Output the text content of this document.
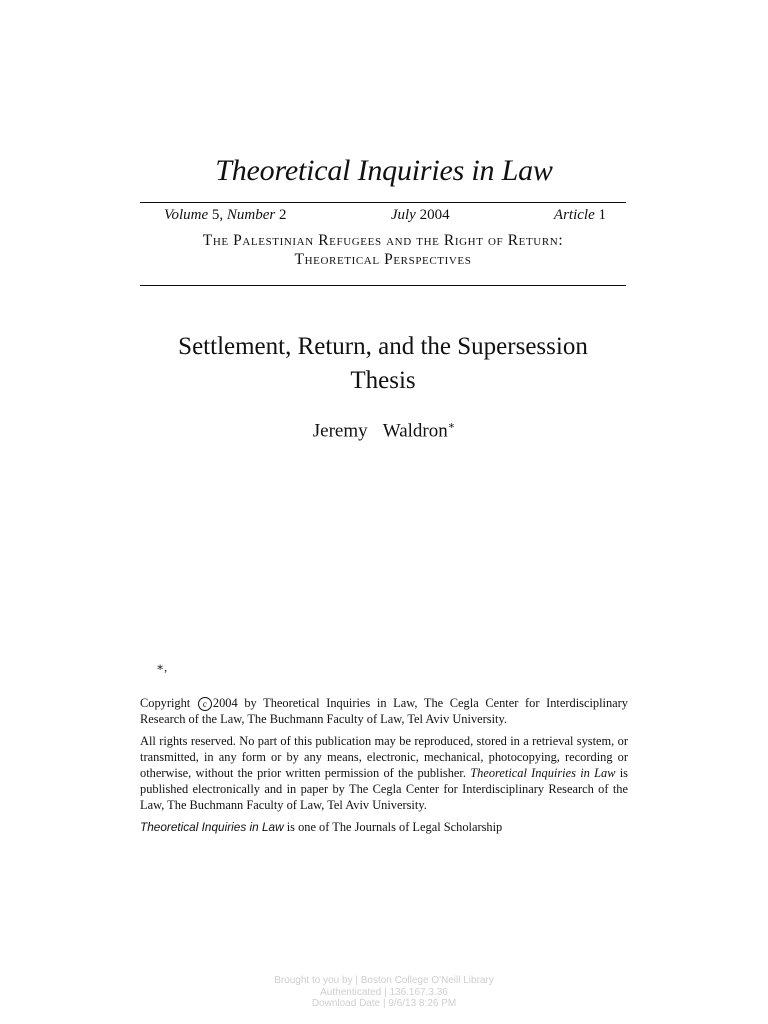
Theoretical Inquiries in Law
Volume 5, Number 2	July 2004	Article 1
The Palestinian Refugees and the Right of Return:
Theoretical Perspectives
Settlement, Return, and the Supersession
Thesis
Jeremy  Waldron∗
∗,

Copyright c 2004 by Theoretical Inquiries in Law, The Cegla Center for Interdisciplinary Research of the Law, The Buchmann Faculty of Law, Tel Aviv University.

All rights reserved. No part of this publication may be reproduced, stored in a retrieval system, or transmitted, in any form or by any means, electronic, mechanical, photocopying, recording or otherwise, without the prior written permission of the publisher. Theoretical Inquiries in Law is published electronically and in paper by The Cegla Center for Interdisciplinary Research of the Law, The Buchmann Faculty of Law, Tel Aviv University.

Theoretical Inquiries in Law is one of The Journals of Legal Scholarship

Brought to you by | Boston College O'Neill Library
Authenticated | 136.167.3.36
Download Date | 9/6/13 8:26 PM
